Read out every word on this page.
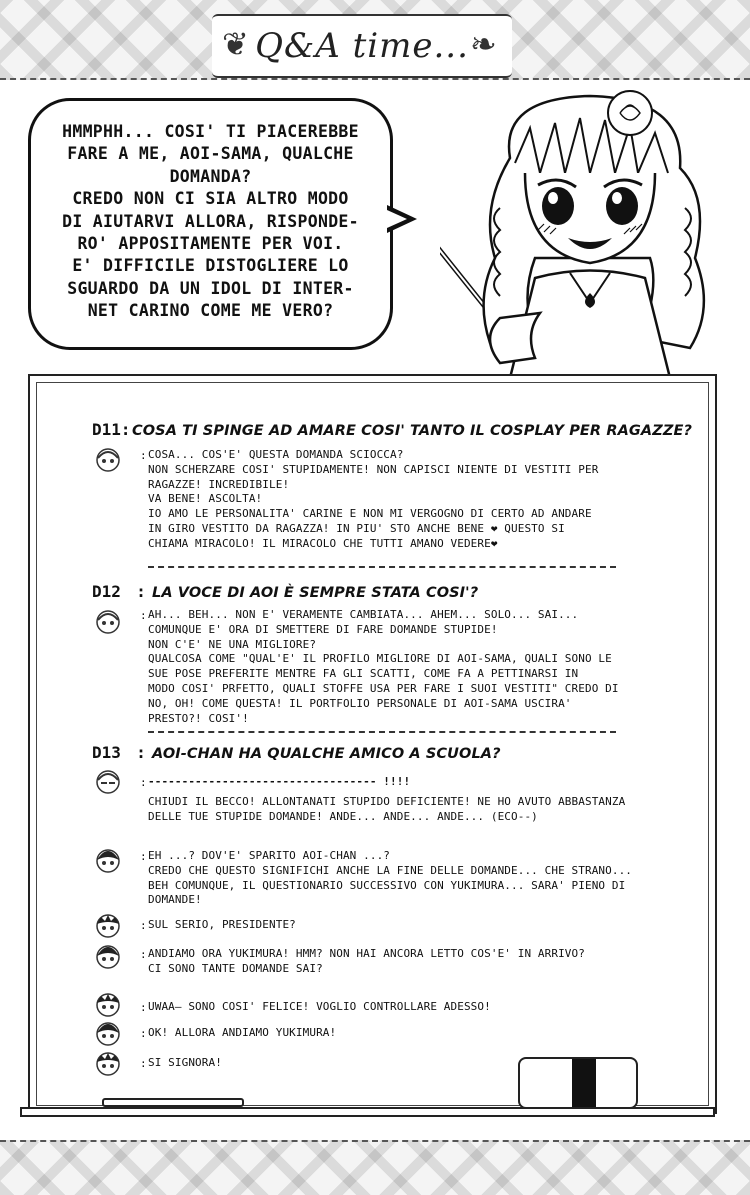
Q&A time...
❦	❧
HMMPHH... COSI' TI PIACEREBBE
FARE A ME, AOI-SAMA, QUALCHE
DOMANDA?
CREDO NON CI SIA ALTRO MODO
DI AIUTARVI ALLORA, RISPONDE-
RO' APPOSITAMENTE PER VOI.
E' DIFFICILE DISTOGLIERE LO
SGUARDO DA UN IDOL DI INTER-
NET CARINO COME ME VERO?
D11 : COSA TI SPINGE AD AMARE COSI' TANTO IL COSPLAY PER RAGAZZE?
: COSA... COS'E' QUESTA DOMANDA SCIOCCA?
NON SCHERZARE COSI' STUPIDAMENTE! NON CAPISCI NIENTE DI VESTITI PER
RAGAZZE! INCREDIBILE!
VA BENE! ASCOLTA!
IO AMO LE PERSONALITA' CARINE E NON MI VERGOGNO DI CERTO AD ANDARE
IN GIRO VESTITO DA RAGAZZA! IN PIU' STO ANCHE BENE ❤ QUESTO SI
CHIAMA MIRACOLO! IL MIRACOLO CHE TUTTI AMANO VEDERE❤
D12	: LA VOCE DI AOI È SEMPRE STATA COSI'?
: AH... BEH... NON E' VERAMENTE CAMBIATA... AHEM... SOLO... SAI...
COMUNQUE E' ORA DI SMETTERE DI FARE DOMANDE STUPIDE!
NON C'E' NE UNA MIGLIORE?
QUALCOSA COME "QUAL'E' IL PROFILO MIGLIORE DI AOI-SAMA, QUALI SONO LE
SUE POSE PREFERITE MENTRE FA GLI SCATTI, COME FA A PETTINARSI IN
MODO COSI' PRFETTO, QUALI STOFFE USA PER FARE I SUOI VESTITI" CREDO DI
NO, OH! COME QUESTA! IL PORTFOLIO PERSONALE DI AOI-SAMA USCIRA'
PRESTO?! COSI'!
D13	: AOI-CHAN HA QUALCHE AMICO A SCUOLA?
: ---------------------------------- !!!!
CHIUDI IL BECCO! ALLONTANATI STUPIDO DEFICIENTE! NE HO AVUTO ABBASTANZA
DELLE TUE STUPIDE DOMANDE! ANDE... ANDE... ANDE... (ECO--)
: EH ...? DOV'E' SPARITO AOI-CHAN ...?
CREDO CHE QUESTO SIGNIFICHI ANCHE LA FINE DELLE DOMANDE... CHE STRANO...
BEH COMUNQUE, IL QUESTIONARIO SUCCESSIVO CON YUKIMURA... SARA' PIENO DI
DOMANDE!
: SUL SERIO, PRESIDENTE?
: ANDIAMO ORA YUKIMURA! HMM? NON HAI ANCORA LETTO COS'E' IN ARRIVO?
CI SONO TANTE DOMANDE SAI?
: UWAA— SONO COSI' FELICE! VOGLIO CONTROLLARE ADESSO!
: OK! ALLORA ANDIAMO YUKIMURA!
: SI SIGNORA!
